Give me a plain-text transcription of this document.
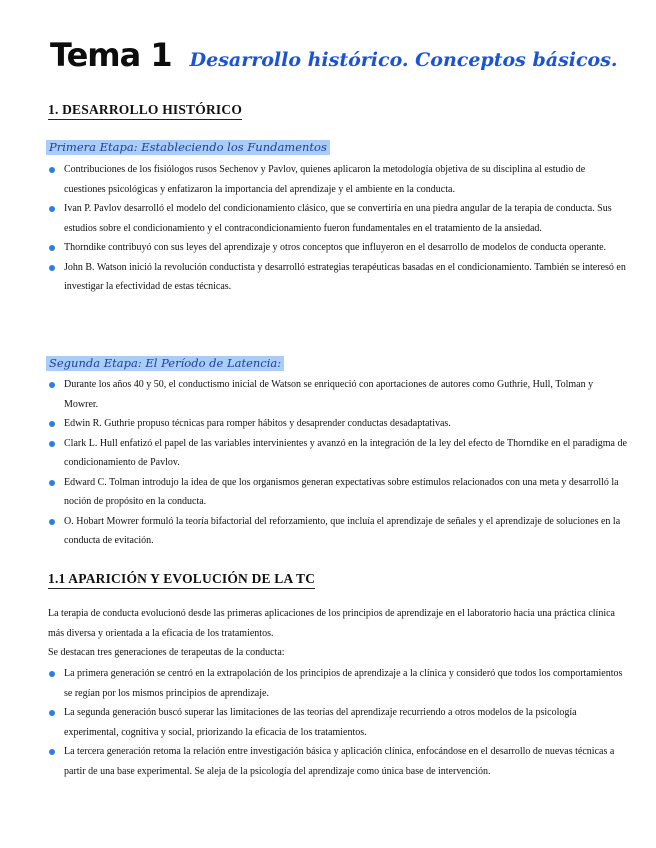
Tema 1 Desarrollo histórico. Conceptos básicos.
1. DESARROLLO HISTÓRICO
Primera Etapa: Estableciendo los Fundamentos
Contribuciones de los fisiólogos rusos Sechenov y Pavlov, quienes aplicaron la metodología objetiva de su disciplina al estudio de cuestiones psicológicas y enfatizaron la importancia del aprendizaje y el ambiente en la conducta.
Ivan P. Pavlov desarrolló el modelo del condicionamiento clásico, que se convertiría en una piedra angular de la terapia de conducta. Sus estudios sobre el condicionamiento y el contracondicionamiento fueron fundamentales en el tratamiento de la ansiedad.
Thorndike contribuyó con sus leyes del aprendizaje y otros conceptos que influyeron en el desarrollo de modelos de conducta operante.
John B. Watson inició la revolución conductista y desarrolló estrategias terapéuticas basadas en el condicionamiento. También se interesó en investigar la efectividad de estas técnicas.
Segunda Etapa: El Período de Latencia:
Durante los años 40 y 50, el conductismo inicial de Watson se enriqueció con aportaciones de autores como Guthrie, Hull, Tolman y Mowrer.
Edwin R. Guthrie propuso técnicas para romper hábitos y desaprender conductas desadaptativas.
Clark L. Hull enfatizó el papel de las variables intervinientes y avanzó en la integración de la ley del efecto de Thorndike en el paradigma de condicionamiento de Pavlov.
Edward C. Tolman introdujo la idea de que los organismos generan expectativas sobre estímulos relacionados con una meta y desarrolló la noción de propósito en la conducta.
O. Hobart Mowrer formuló la teoría bifactorial del reforzamiento, que incluía el aprendizaje de señales y el aprendizaje de soluciones en la conducta de evitación.
1.1 APARICIÓN Y EVOLUCIÓN DE LA TC

La terapia de conducta evolucionó desde las primeras aplicaciones de los principios de aprendizaje en el laboratorio hacia una práctica clínica más diversa y orientada a la eficacia de los tratamientos.

Se destacan tres generaciones de terapeutas de la conducta:

La primera generación se centró en la extrapolación de los principios de aprendizaje a la clínica y consideró que todos los comportamientos se regían por los mismos principios de aprendizaje.
La segunda generación buscó superar las limitaciones de las teorías del aprendizaje recurriendo a otros modelos de la psicología experimental, cognitiva y social, priorizando la eficacia de los tratamientos.
La tercera generación retoma la relación entre investigación básica y aplicación clínica, enfocándose en el desarrollo de nuevas técnicas a partir de una base experimental. Se aleja de la psicología del aprendizaje como única base de intervención.
